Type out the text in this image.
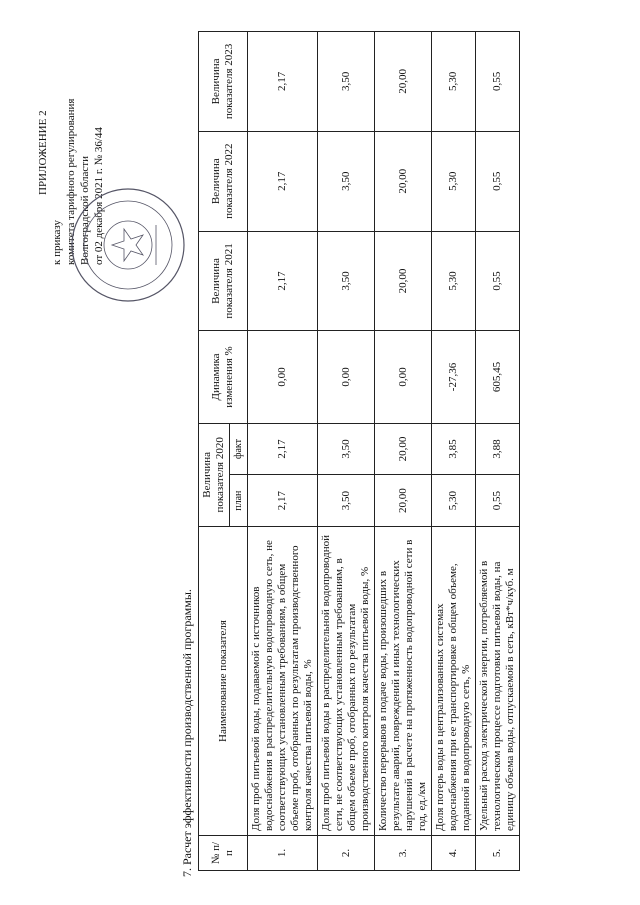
ПРИЛОЖЕНИЕ 2
к приказу комитета тарифного регулирования Волгоградской области от 02 декабря 2021 г. № 36/44
7. Расчет эффективности производственной программы. № п/п	Наименование показателя	Величина показателя 2020		Динамика изменения %	Величина показателя 2021	Величина показателя 2022	Величина показателя 2023
		план	факт				
1.	Доля проб питьевой воды, подаваемой с источников водоснабжения в распределительную водопроводную сеть, не соответствующих установленным требованиям, в общем объеме проб, отобранных по результатам производственного контроля качества питьевой воды, %	2,17	2,17	0,00	2,17	2,17	2,17
2.	Доля проб питьевой воды в распределительной водопроводной сети, не соответствующих установленным требованиям, в общем объеме проб, отобранных по результатам производственного контроля качества питьевой воды, %	3,50	3,50	0,00	3,50	3,50	3,50
3.	Количество перерывов в подаче воды, произошедших в результате аварий, повреждений и иных технологических нарушений в расчете на протяженность водопроводной сети в год, ед./км	20,00	20,00	0,00	20,00	20,00	20,00
4.	Доля потерь воды в централизованных системах водоснабжения при ее транспортировке в общем объеме, поданной в водопроводную сеть, %	5,30	3,85	-27,36	5,30	5,30	5,30
5.	Удельный расход электрической энергии, потребляемой в технологическом процессе подготовки питьевой воды, на единицу объема воды, отпускаемой в сеть, кВт*ч/куб. м	0,55	3,88	605,45	0,55	0,55	0,55
